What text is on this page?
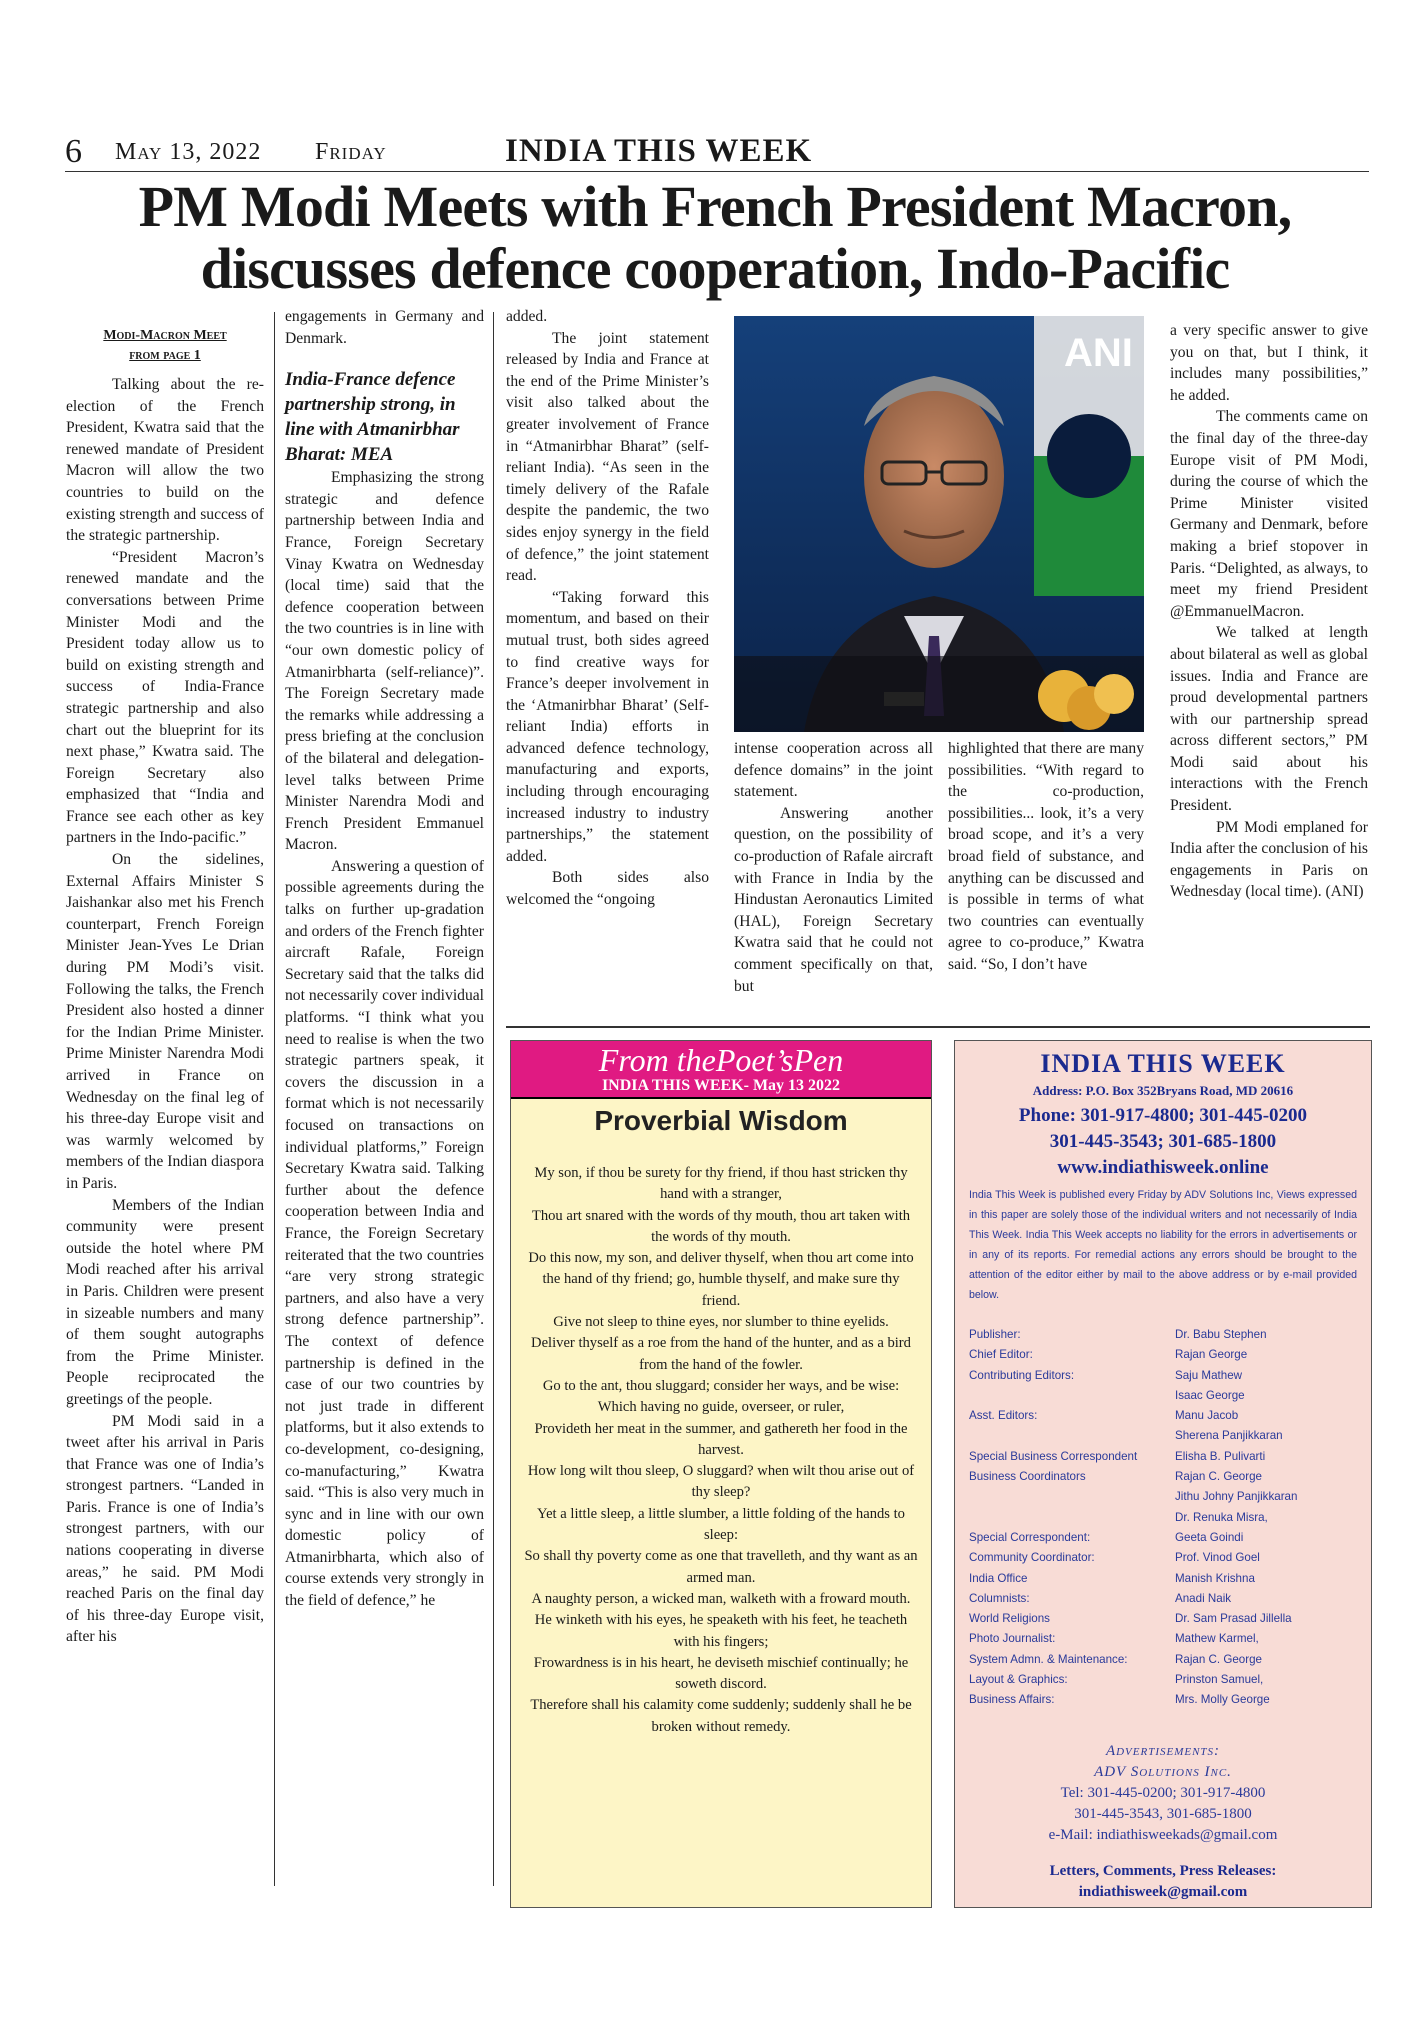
6 May 13, 2022 Friday	INDIA THIS WEEK
PM Modi Meets with French President Macron,
discusses defence cooperation, Indo-Pacific
Modi-Macron Meet
from page 1

Talking about the re-election of the French President, Kwatra said that the renewed mandate of President Macron will allow the two countries to build on the existing strength and success of the strategic partnership.

“President Macron’s renewed mandate and the conversations between Prime Minister Modi and the President today allow us to build on existing strength and success of India-France strategic partnership and also chart out the blueprint for its next phase,” Kwatra said. The Foreign Secretary also emphasized that “India and France see each other as key partners in the Indo-pacific.”

On the sidelines, External Affairs Minister S Jaishankar also met his French counterpart, French Foreign Minister Jean-Yves Le Drian during PM Modi’s visit. Following the talks, the French President also hosted a dinner for the Indian Prime Minister. Prime Minister Narendra Modi arrived in France on Wednesday on the final leg of his three-day Europe visit and was warmly welcomed by members of the Indian diaspora in Paris.

Members of the Indian community were present outside the hotel where PM Modi reached after his arrival in Paris. Children were present in sizeable numbers and many of them sought autographs from the Prime Minister. People reciprocated the greetings of the people.

PM Modi said in a tweet after his arrival in Paris that France was one of India’s strongest partners. “Landed in Paris. France is one of India’s strongest partners, with our nations cooperating in diverse areas,” he said. PM Modi reached Paris on the final day of his three-day Europe visit, after his

engagements in Germany and Denmark.

India-France defence partnership strong, in line with Atmanirbhar Bharat: MEA

Emphasizing the strong strategic and defence partnership between India and France, Foreign Secretary Vinay Kwatra on Wednesday (local time) said that the defence cooperation between the two countries is in line with “our own domestic policy of Atmanirbharta (self-reliance)”. The Foreign Secretary made the remarks while addressing a press briefing at the conclusion of the bilateral and delegation-level talks between Prime Minister Narendra Modi and French President Emmanuel Macron.

Answering a question of possible agreements during the talks on further up-gradation and orders of the French fighter aircraft Rafale, Foreign Secretary said that the talks did not necessarily cover individual platforms. “I think what you need to realise is when the two strategic partners speak, it covers the discussion in a format which is not necessarily focused on transactions on individual platforms,” Foreign Secretary Kwatra said. Talking further about the defence cooperation between India and France, the Foreign Secretary reiterated that the two countries “are very strong strategic partners, and also have a very strong defence partnership”. The context of defence partnership is defined in the case of our two countries by not just trade in different platforms, but it also extends to co-development, co-designing, co-manufacturing,” Kwatra said. “This is also very much in sync and in line with our own domestic policy of Atmanirbharta, which also of course extends very strongly in the field of defence,” he

added.

The joint statement released by India and France at the end of the Prime Minister’s visit also talked about the greater involvement of France in “Atmanirbhar Bharat” (self-reliant India). “As seen in the timely delivery of the Rafale despite the pandemic, the two sides enjoy synergy in the field of defence,” the joint statement read.

“Taking forward this momentum, and based on their mutual trust, both sides agreed to find creative ways for France’s deeper involvement in the ‘Atmanirbhar Bharat’ (Self-reliant India) efforts in advanced defence technology, manufacturing and exports, including through encouraging increased industry to industry partnerships,” the statement added.

Both sides also welcomed the “ongoing

ANI

intense cooperation across all defence domains” in the joint statement.

Answering another question, on the possibility of co-production of Rafale aircraft with France in India by the Hindustan Aeronautics Limited (HAL), Foreign Secretary Kwatra said that he could not comment specifically on that, but

highlighted that there are many possibilities. “With regard to the co-production, possibilities... look, it’s a very broad scope, and it’s a very broad field of substance, and anything can be discussed and is possible in terms of what two countries can eventually agree to co-produce,” Kwatra said. “So, I don’t have

a very specific answer to give you on that, but I think, it includes many possibilities,” he added.

The comments came on the final day of the three-day Europe visit of PM Modi, during the course of which the Prime Minister visited Germany and Denmark, before making a brief stopover in Paris. “Delighted, as always, to meet my friend President @EmmanuelMacron.

We talked at length about bilateral as well as global issues. India and France are proud developmental partners with our partnership spread across different sectors,” PM Modi said about his interactions with the French President.

PM Modi emplaned for India after the conclusion of his engagements in Paris on Wednesday (local time). (ANI)

From thePoet’sPen
INDIA THIS WEEK- May 13 2022
Proverbial Wisdom
My son, if thou be surety for thy friend, if thou hast stricken thy hand with a stranger,
Thou art snared with the words of thy mouth, thou art taken with the words of thy mouth.
Do this now, my son, and deliver thyself, when thou art come into the hand of thy friend; go, humble thyself, and make sure thy friend.
Give not sleep to thine eyes, nor slumber to thine eyelids.
Deliver thyself as a roe from the hand of the hunter, and as a bird from the hand of the fowler.
Go to the ant, thou sluggard; consider her ways, and be wise:
Which having no guide, overseer, or ruler,
Provideth her meat in the summer, and gathereth her food in the harvest.
How long wilt thou sleep, O sluggard? when wilt thou arise out of thy sleep?
Yet a little sleep, a little slumber, a little folding of the hands to sleep:
So shall thy poverty come as one that travelleth, and thy want as an armed man.
A naughty person, a wicked man, walketh with a froward mouth.
He winketh with his eyes, he speaketh with his feet, he teacheth with his fingers;
Frowardness is in his heart, he deviseth mischief continually; he soweth discord.
Therefore shall his calamity come suddenly; suddenly shall he be broken without remedy.
INDIA THIS WEEK
Address: P.O. Box 352Bryans Road, MD 20616
Phone: 301-917-4800; 301-445-0200
301-445-3543; 301-685-1800
www.indiathisweek.online
India This Week is published every Friday by ADV Solutions Inc, Views expressed in this paper are solely those of the individual writers and not necessarily of India This Week. India This Week accepts no liability for the errors in advertisements or in any of its reports. For remedial actions any errors should be brought to the attention of the editor either by mail to the above address or by e-mail provided below.
Publisher:	Dr. Babu Stephen
Chief Editor:	Rajan George
Contributing Editors:	Saju Mathew
Isaac George
Asst. Editors:	Manu Jacob
Sherena Panjikkaran
Special Business Correspondent	Elisha B. Pulivarti
Business Coordinators	Rajan C. George
Jithu Johny Panjikkaran
Dr. Renuka Misra,
Special Correspondent:	Geeta Goindi
Community Coordinator:	Prof. Vinod Goel
India Office	Manish Krishna
Columnists:	Anadi Naik
World Religions	Dr. Sam Prasad Jillella
Photo Journalist:	Mathew Karmel,
System Admn. & Maintenance:	Rajan C. George
Layout & Graphics:	Prinston Samuel,
Business Affairs:	Mrs. Molly George
Advertisements:
ADV Solutions Inc.
Tel: 301-445-0200; 301-917-4800
301-445-3543, 301-685-1800
e-Mail: indiathisweekads@gmail.com
Letters, Comments, Press Releases:
indiathisweek@gmail.com
